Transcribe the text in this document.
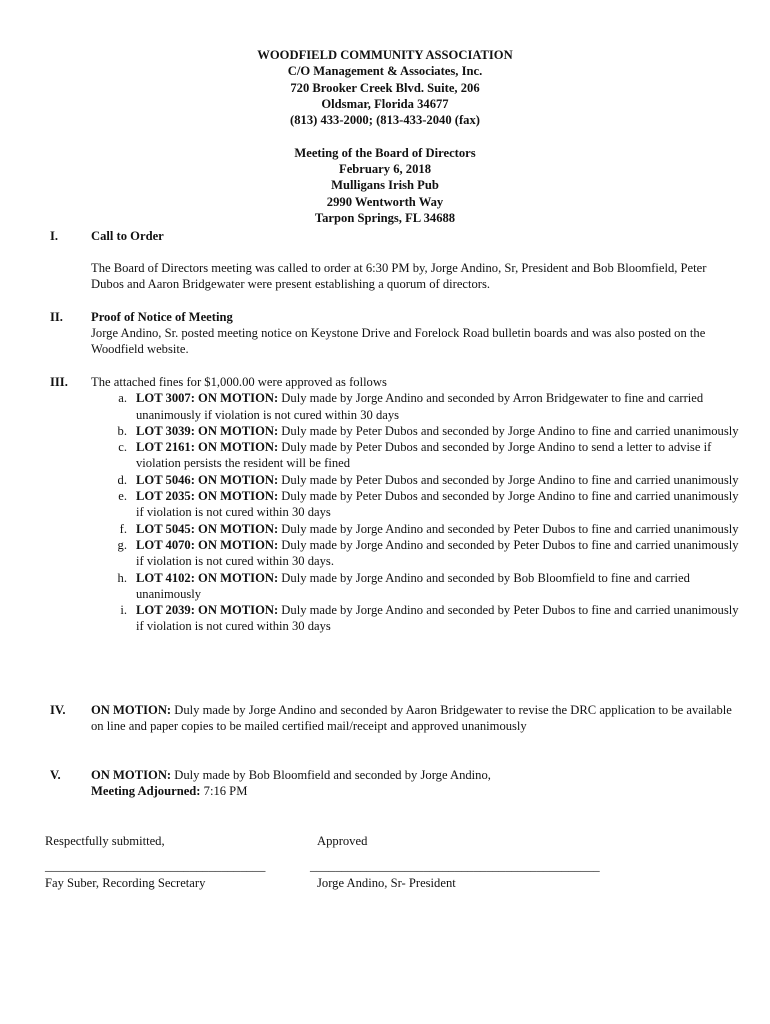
WOODFIELD COMMUNITY ASSOCIATION
C/O Management & Associates, Inc.
720 Brooker Creek Blvd. Suite, 206
Oldsmar, Florida 34677
(813) 433-2000; (813-433-2040 (fax)
Meeting of the Board of Directors
February 6, 2018
Mulligans Irish Pub
2990 Wentworth Way
Tarpon Springs, FL 34688
I.	Call to Order
The Board of Directors meeting was called to order at 6:30 PM by, Jorge Andino, Sr, President and Bob Bloomfield, Peter Dubos and Aaron Bridgewater were present establishing a quorum of directors.
II. Proof of Notice of Meeting
Jorge Andino, Sr. posted meeting notice on Keystone Drive and Forelock Road bulletin boards and was also posted on the Woodfield website.
III. The attached fines for $1,000.00 were approved as follows
a. LOT 3007: ON MOTION: Duly made by Jorge Andino and seconded by Arron Bridgewater to fine and carried unanimously if violation is not cured within 30 days
b. LOT 3039: ON MOTION: Duly made by Peter Dubos and seconded by Jorge Andino to fine and carried unanimously
c. LOT 2161: ON MOTION: Duly made by Peter Dubos and seconded by Jorge Andino to send a letter to advise if violation persists the resident will be fined
d. LOT 5046: ON MOTION: Duly made by Peter Dubos and seconded by Jorge Andino to fine and carried unanimously
e. LOT 2035: ON MOTION: Duly made by Peter Dubos and seconded by Jorge Andino to fine and carried unanimously if violation is not cured within 30 days
f. LOT 5045: ON MOTION: Duly made by Jorge Andino and seconded by Peter Dubos to fine and carried unanimously
g. LOT 4070: ON MOTION: Duly made by Jorge Andino and seconded by Peter Dubos to fine and carried unanimously if violation is not cured within 30 days.
h. LOT 4102: ON MOTION: Duly made by Jorge Andino and seconded by Bob Bloomfield to fine and carried unanimously
i. LOT 2039: ON MOTION: Duly made by Jorge Andino and seconded by Peter Dubos to fine and carried unanimously if violation is not cured within 30 days
IV. ON MOTION: Duly made by Jorge Andino and seconded by Aaron Bridgewater to revise the DRC application to be available on line and paper copies to be mailed certified mail/receipt and approved unanimously
V. ON MOTION: Duly made by Bob Bloomfield and seconded by Jorge Andino,
Meeting Adjourned: 7:16 PM
Respectfully submitted,
___________________________________
Fay Suber, Recording Secretary
Approved
______________________________________________
Jorge Andino, Sr- President
